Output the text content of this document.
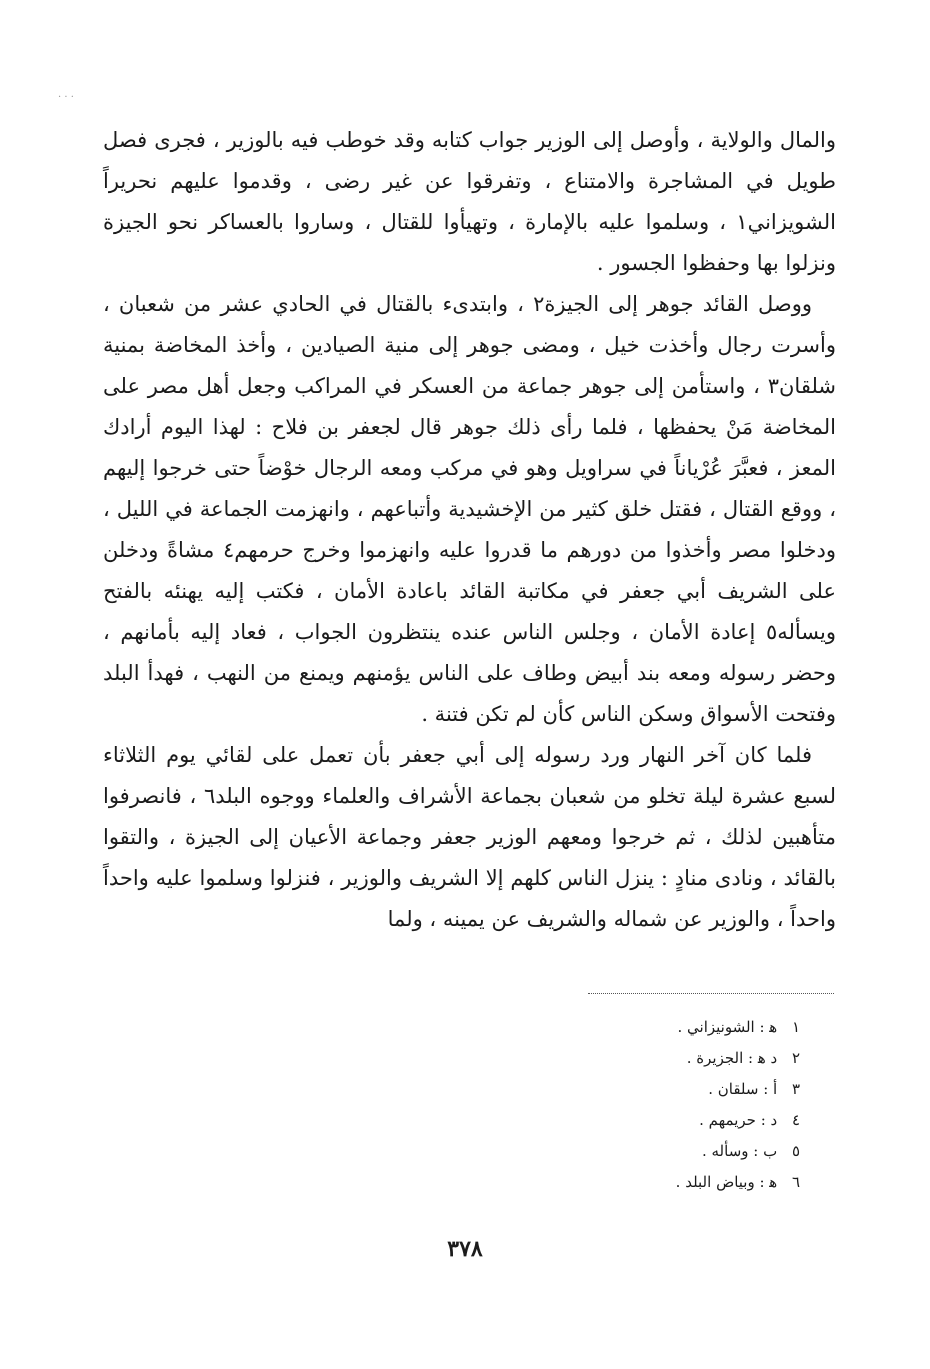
· · ·

والمال والولاية ، وأوصل إلى الوزير جواب كتابه وقد خوطب فيه بالوزير ، فجرى فصل طويل في المشاجرة والامتناع ، وتفرقوا عن غير رضى ، وقدموا عليهم نحريراً الشويزاني١ ، وسلموا عليه بالإمارة ، وتهيأوا للقتال ، وساروا بالعساكر نحو الجيزة ونزلوا بها وحفظوا الجسور .

ووصل القائد جوهر إلى الجيزة٢ ، وابتدىء بالقتال في الحادي عشر من شعبان ، وأسرت رجال وأخذت خيل ، ومضى جوهر إلى منية الصيادين ، وأخذ المخاضة بمنية شلقان٣ ، واستأمن إلى جوهر جماعة من العسكر في المراكب وجعل أهل مصر على المخاضة مَنْ يحفظها ، فلما رأى ذلك جوهر قال لجعفر بن فلاح : لهذا اليوم أرادك المعز ، فعبَّرَ عُرْياناً في سراويل وهو في مركب ومعه الرجال خوْضاً حتى خرجوا إليهم ، ووقع القتال ، فقتل خلق كثير من الإخشيدية وأتباعهم ، وانهزمت الجماعة في الليل ، ودخلوا مصر وأخذوا من دورهم ما قدروا عليه وانهزموا وخرج حرمهم٤ مشاةً ودخلن على الشريف أبي جعفر في مكاتبة القائد باعادة الأمان ، فكتب إليه يهنئه بالفتح ويسأله٥ إعادة الأمان ، وجلس الناس عنده ينتظرون الجواب ، فعاد إليه بأمانهم ، وحضر رسوله ومعه بند أبيض وطاف على الناس يؤمنهم ويمنع من النهب ، فهدأ البلد وفتحت الأسواق وسكن الناس كأن لم تكن فتنة .

فلما كان آخر النهار ورد رسوله إلى أبي جعفر بأن تعمل على لقائي يوم الثلاثاء لسبع عشرة ليلة تخلو من شعبان بجماعة الأشراف والعلماء ووجوه البلد٦ ، فانصرفوا متأهبين لذلك ، ثم خرجوا ومعهم الوزير جعفر وجماعة الأعيان إلى الجيزة ، والتقوا بالقائد ، ونادى منادٍ : ينزل الناس كلهم إلا الشريف والوزير ، فنزلوا وسلموا عليه واحداً واحداً ، والوزير عن شماله والشريف عن يمينه ، ولما

١ ﻫ : الشونيزاني .
٢ د ﻫ : الجزيرة .
٣ أ : سلقان .
٤ د : حريمهم .
٥ ب : وسأله .
٦ ﻫ : وبياض البلد .
٣٧٨
